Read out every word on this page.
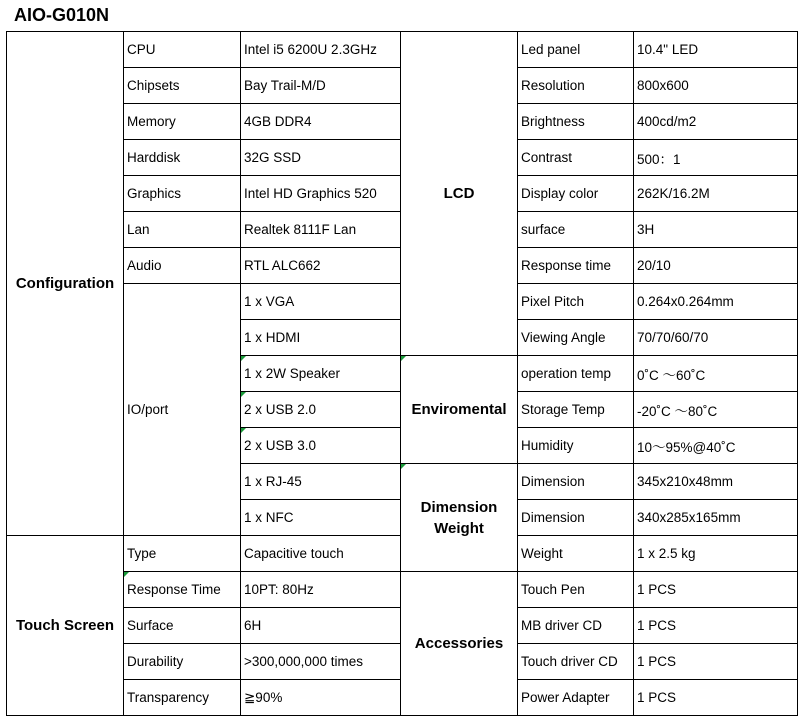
AIO-G010N
Configuration	CPU	Intel i5 6200U 2.3GHz	LCD	Led panel	10.4" LED
	Chipsets	Bay Trail-M/D		Resolution	800x600
	Memory	4GB DDR4		Brightness	400cd/m2
	Harddisk	32G SSD		Contrast	500：1
	Graphics	Intel HD Graphics 520		Display color	262K/16.2M
	Lan	Realtek 8111F Lan		surface	3H
	Audio	RTL ALC662		Response time	20/10
	IO/port	1 x VGA		Pixel Pitch	0.264x0.264mm
		1 x HDMI		Viewing Angle	70/70/60/70
		1 x 2W Speaker	Enviromental	operation temp	0˚C ～60˚C
		2 x USB 2.0		Storage Temp	-20˚C ～80˚C
		2 x USB 3.0		Humidity	10～95%@40˚C
		1 x RJ-45	Dimension Weight	Dimension	345x210x48mm
		1 x NFC		Dimension	340x285x165mm
Touch Screen	Type	Capacitive touch		Weight	1 x 2.5 kg
	Response Time	10PT: 80Hz	Accessories	Touch Pen	1 PCS
	Surface	6H		MB driver CD	1 PCS
	Durability	>300,000,000 times		Touch driver CD	1 PCS
	Transparency	≧90%		Power Adapter	1 PCS
